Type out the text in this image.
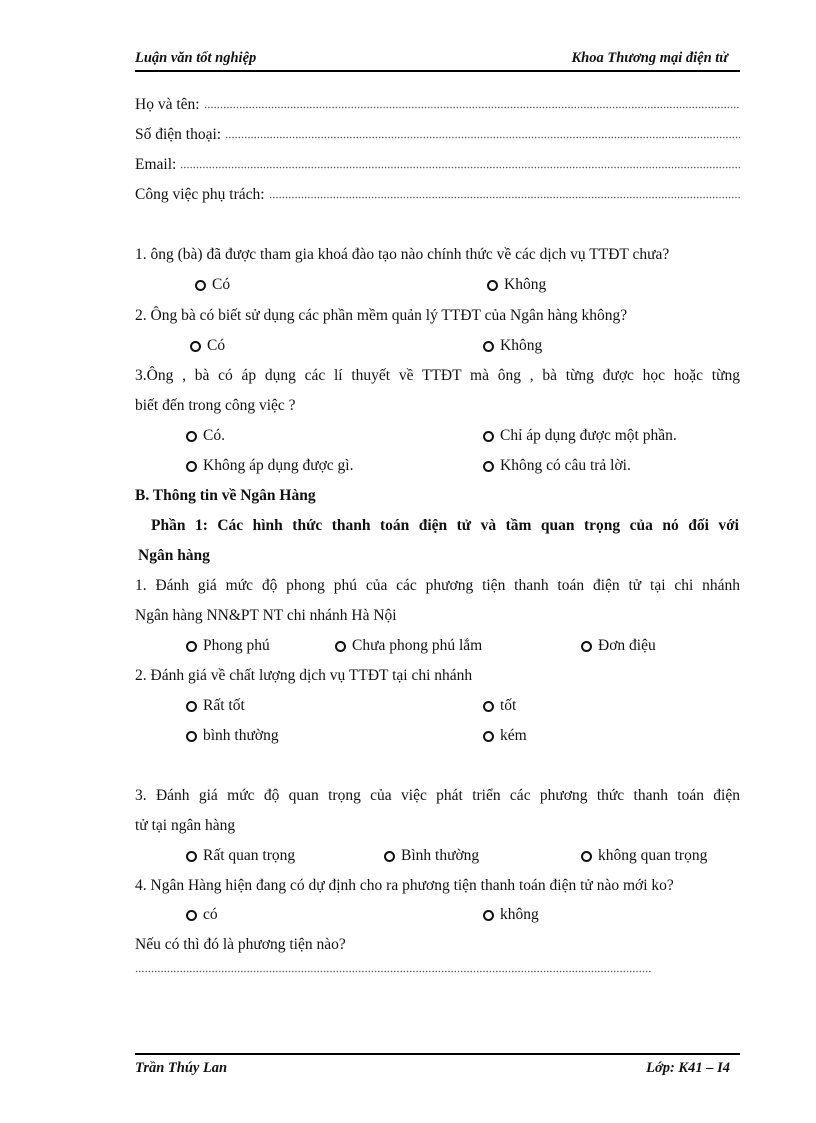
Luận văn tốt nghiệp	Khoa Thương mại điện tử
Họ và tên:
Số điện thoại:
Email:
Công việc phụ trách:
1. ông (bà) đã được tham gia khoá đào tạo nào chính thức về các dịch vụ TTĐT chưa?
Có	Không
2. Ông bà có biết sử dụng các phần mềm quản lý TTĐT của Ngân hàng không?
Có	Không
3.Ông , bà có áp dụng các lí thuyết về TTĐT mà ông , bà từng được học hoặc từng
biết đến trong công việc ?
Có.	Chỉ áp dụng được một phần.
Không áp dụng được gì.	Không có câu trả lời.
B. Thông tin về Ngân Hàng
Phần 1: Các hình thức thanh toán điện tử và tầm quan trọng của nó đối với
Ngân hàng
1. Đánh giá mức độ phong phú của các phương tiện thanh toán điện tử tại chi nhánh
Ngân hàng NN&PT NT chi nhánh Hà Nội
Phong phú	Chưa phong phú lắm	Đơn điệu
2. Đánh giá về chất lượng dịch vụ TTĐT tại chi nhánh
Rất tốt	tốt
bình thường	kém
3. Đánh giá mức độ quan trọng của việc phát triển các phương thức thanh toán điện
tử tại ngân hàng
Rất quan trọng	Bình thường	không quan trọng
4. Ngân Hàng hiện đang có dự định cho ra phương tiện thanh toán điện tử nào mới ko?
có	không
Nếu có thì đó là phương tiện nào?
Trần Thúy Lan	Lớp: K41 – I4
